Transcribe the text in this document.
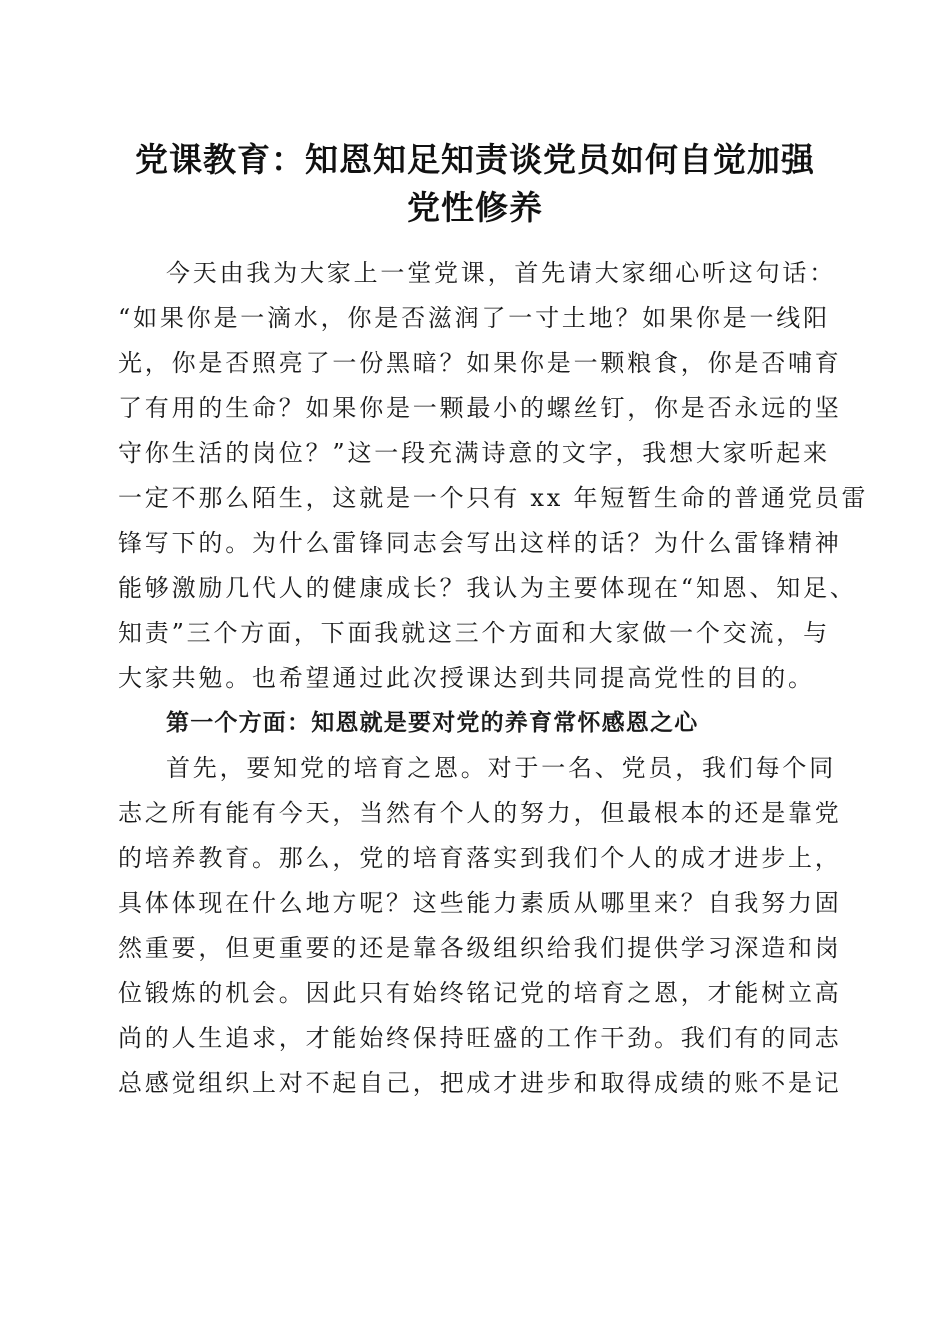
党课教育：知恩知足知责谈党员如何自觉加强
党性修养
今天由我为大家上一堂党课，首先请大家细心听这句话：
“如果你是一滴水，你是否滋润了一寸土地？如果你是一线阳
光，你是否照亮了一份黑暗？如果你是一颗粮食，你是否哺育
了有用的生命？如果你是一颗最小的螺丝钉，你是否永远的坚
守你生活的岗位？”这一段充满诗意的文字，我想大家听起来
一定不那么陌生，这就是一个只有 xx 年短暂生命的普通党员雷
锋写下的。为什么雷锋同志会写出这样的话？为什么雷锋精神
能够激励几代人的健康成长？我认为主要体现在“知恩、知足、
知责”三个方面，下面我就这三个方面和大家做一个交流，与
大家共勉。也希望通过此次授课达到共同提高党性的目的。
第一个方面：知恩就是要对党的养育常怀感恩之心
首先，要知党的培育之恩。对于一名、党员，我们每个同
志之所有能有今天，当然有个人的努力，但最根本的还是靠党
的培养教育。那么，党的培育落实到我们个人的成才进步上，
具体体现在什么地方呢？这些能力素质从哪里来？自我努力固
然重要，但更重要的还是靠各级组织给我们提供学习深造和岗
位锻炼的机会。因此只有始终铭记党的培育之恩，才能树立高
尚的人生追求，才能始终保持旺盛的工作干劲。我们有的同志
总感觉组织上对不起自己，把成才进步和取得成绩的账不是记
